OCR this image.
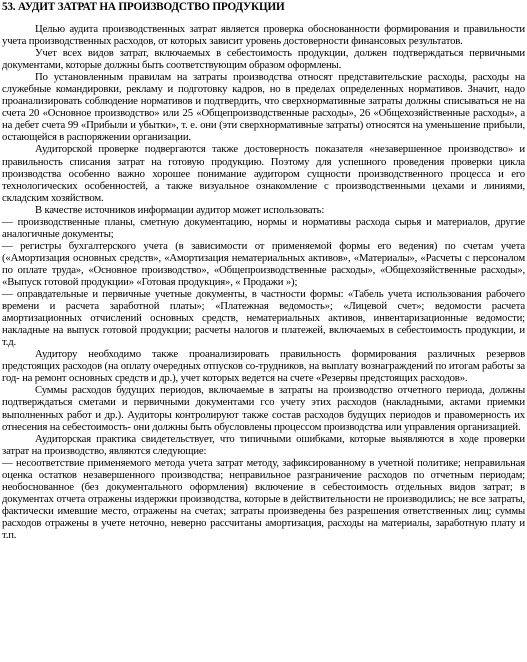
53. АУДИТ ЗАТРАТ НА ПРОИЗВОДСТВО ПРОДУКЦИИ

Целью аудита производственных затрат является проверка обоснованности формирования и правильности учета производственных расходов, от которых зависит уровень достоверности финансовых результатов.

Учет всех видов затрат, включаемых в себестоимость продукции, должен подтверждаться первичными документами, которые должны быть соответствующим образом оформлены.

По установленным правилам на затраты производства относят представительские расходы, расходы на служебные командировки, рекламу и подготовку кадров, но в пределах определенных нормативов. Значит, надо проанализировать соблюдение нормативов и подтвердить, что сверхнормативные затраты должны списываться не на счета 20 «Основное производство» или 25 «Общепроизводственные расходы», 26 «Общехозяйственные расходы», а на дебет счета 99 «Прибыли и убытки», т. е. они (эти сверхнормативные затраты) относятся на уменьшение прибыли, остающейся в распоряжении организации.

Аудиторской проверке подвергаются также достоверность показателя «незавершенное производство» и правильность списания затрат на готовую продукцию. Поэтому для успешного проведения проверки цикла производства особенно важно хорошее понимание аудитором сущности производственного процесса и его технологических особенностей, а также визуальное ознакомление с производственными цехами и линиями, складским хозяйством.

В качестве источников информации аудитор может использовать:

— производственные планы, сметную документацию, нормы и нормативы расхода сырья и материалов, другие аналогичные документы;

— регистры бухгалтерского учета (в зависимости от применяемой формы его ведения) по счетам учета («Амортизация основных средств», «Амортизация нематериальных активов», «Материалы», «Расчеты с персоналом по оплате труда», «Основное производство», «Общепроизводственные расходы», «Общехозяйственные расходы», «Выпуск готовой продукции» «Готовая продукция», « Продажи »);

— оправдательные и первичные учетные документы, в частности формы: «Табель учета использования рабочего времени и расчета заработной платы»; «Платежная ведомость»; «Лицевой счет»; ведомости расчета амортизационных отчислений основных средств, нематериальных активов, инвентаризационные ведомости; накладные на выпуск готовой продукции; расчеты налогов и платежей, включаемых в себестоимость продукции, и т.д.

Аудитору необходимо также проанализировать правильность формирования различных резервов предстоящих расходов (на оплату очередных отпусков со-трудников, на выплату вознаграждений по итогам работы за год- на ремонт основных средств и др.), учет которых ведется на счете «Резервы предстоящих расходов».

Суммы расходов будущих периодов, включаемые в затраты на производство отчетного периода, должны подтверждаться сметами и первичными документами гсо учету этих расходов (накладными, актами приемки выполненных работ и др.). Аудиторы контролируют также состав расходов будущих периодов и правомерность их отнесения на себестоимость- они должны быть обусловлены процессом производства или управления организацией.

Аудиторская практика свидетельствует, что типичными ошибками, которые выявляются в ходе проверки затрат на производство, являются следующие:

— несоответствие применяемого метода учета затрат методу, зафиксированному в учетной политике; неправильная оценка остатков незавершенного производства; неправильное разграничение расходов по отчетным периодам; необоснованное (без документального оформления) включение в себестоимость отдельных видов затрат; в документах отчета отражены издержки производства, которые в действительности не производились; не все затраты, фактически имевшие место, отражены на счетах; затраты произведены без разрешения ответственных лиц; суммы расходов отражены в учете неточно, неверно рассчитаны амортизация, расходы на материалы, заработную плату и т.п.
